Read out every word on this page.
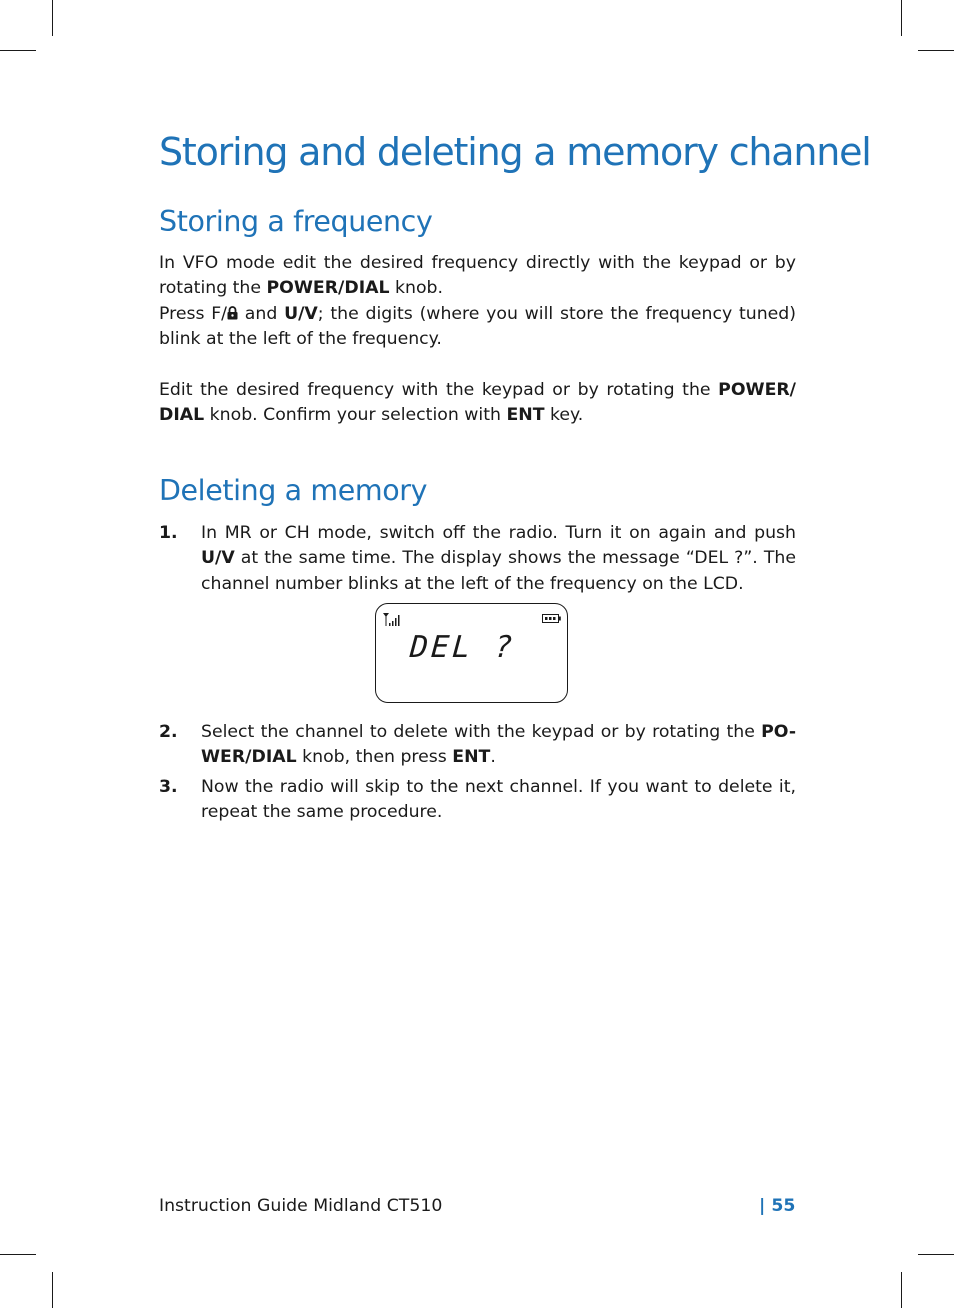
Storing and deleting a memory channel
Storing a frequency
In VFO mode edit the desired frequency directly with the keypad or by rotating the POWER/DIAL knob.
Press F/ and U/V; the digits (where you will store the frequency tuned) blink at the left of the frequency.
Edit the desired frequency with the keypad or by rotating the POWER/ DIAL knob. Confirm your selection with ENT key.
Deleting a memory
1. In MR or CH mode, switch off the radio. Turn it on again and push U/V at the same time. The display shows the message “DEL ?”. The channel number blinks at the left of the frequency on the LCD.
2. Select the channel to delete with the keypad or by rotating the PO-WER/DIAL knob, then press ENT.
3. Now the radio will skip to the next channel. If you want to delete it, repeat the same procedure.
DEL ?
Instruction Guide Midland CT510	| 55
